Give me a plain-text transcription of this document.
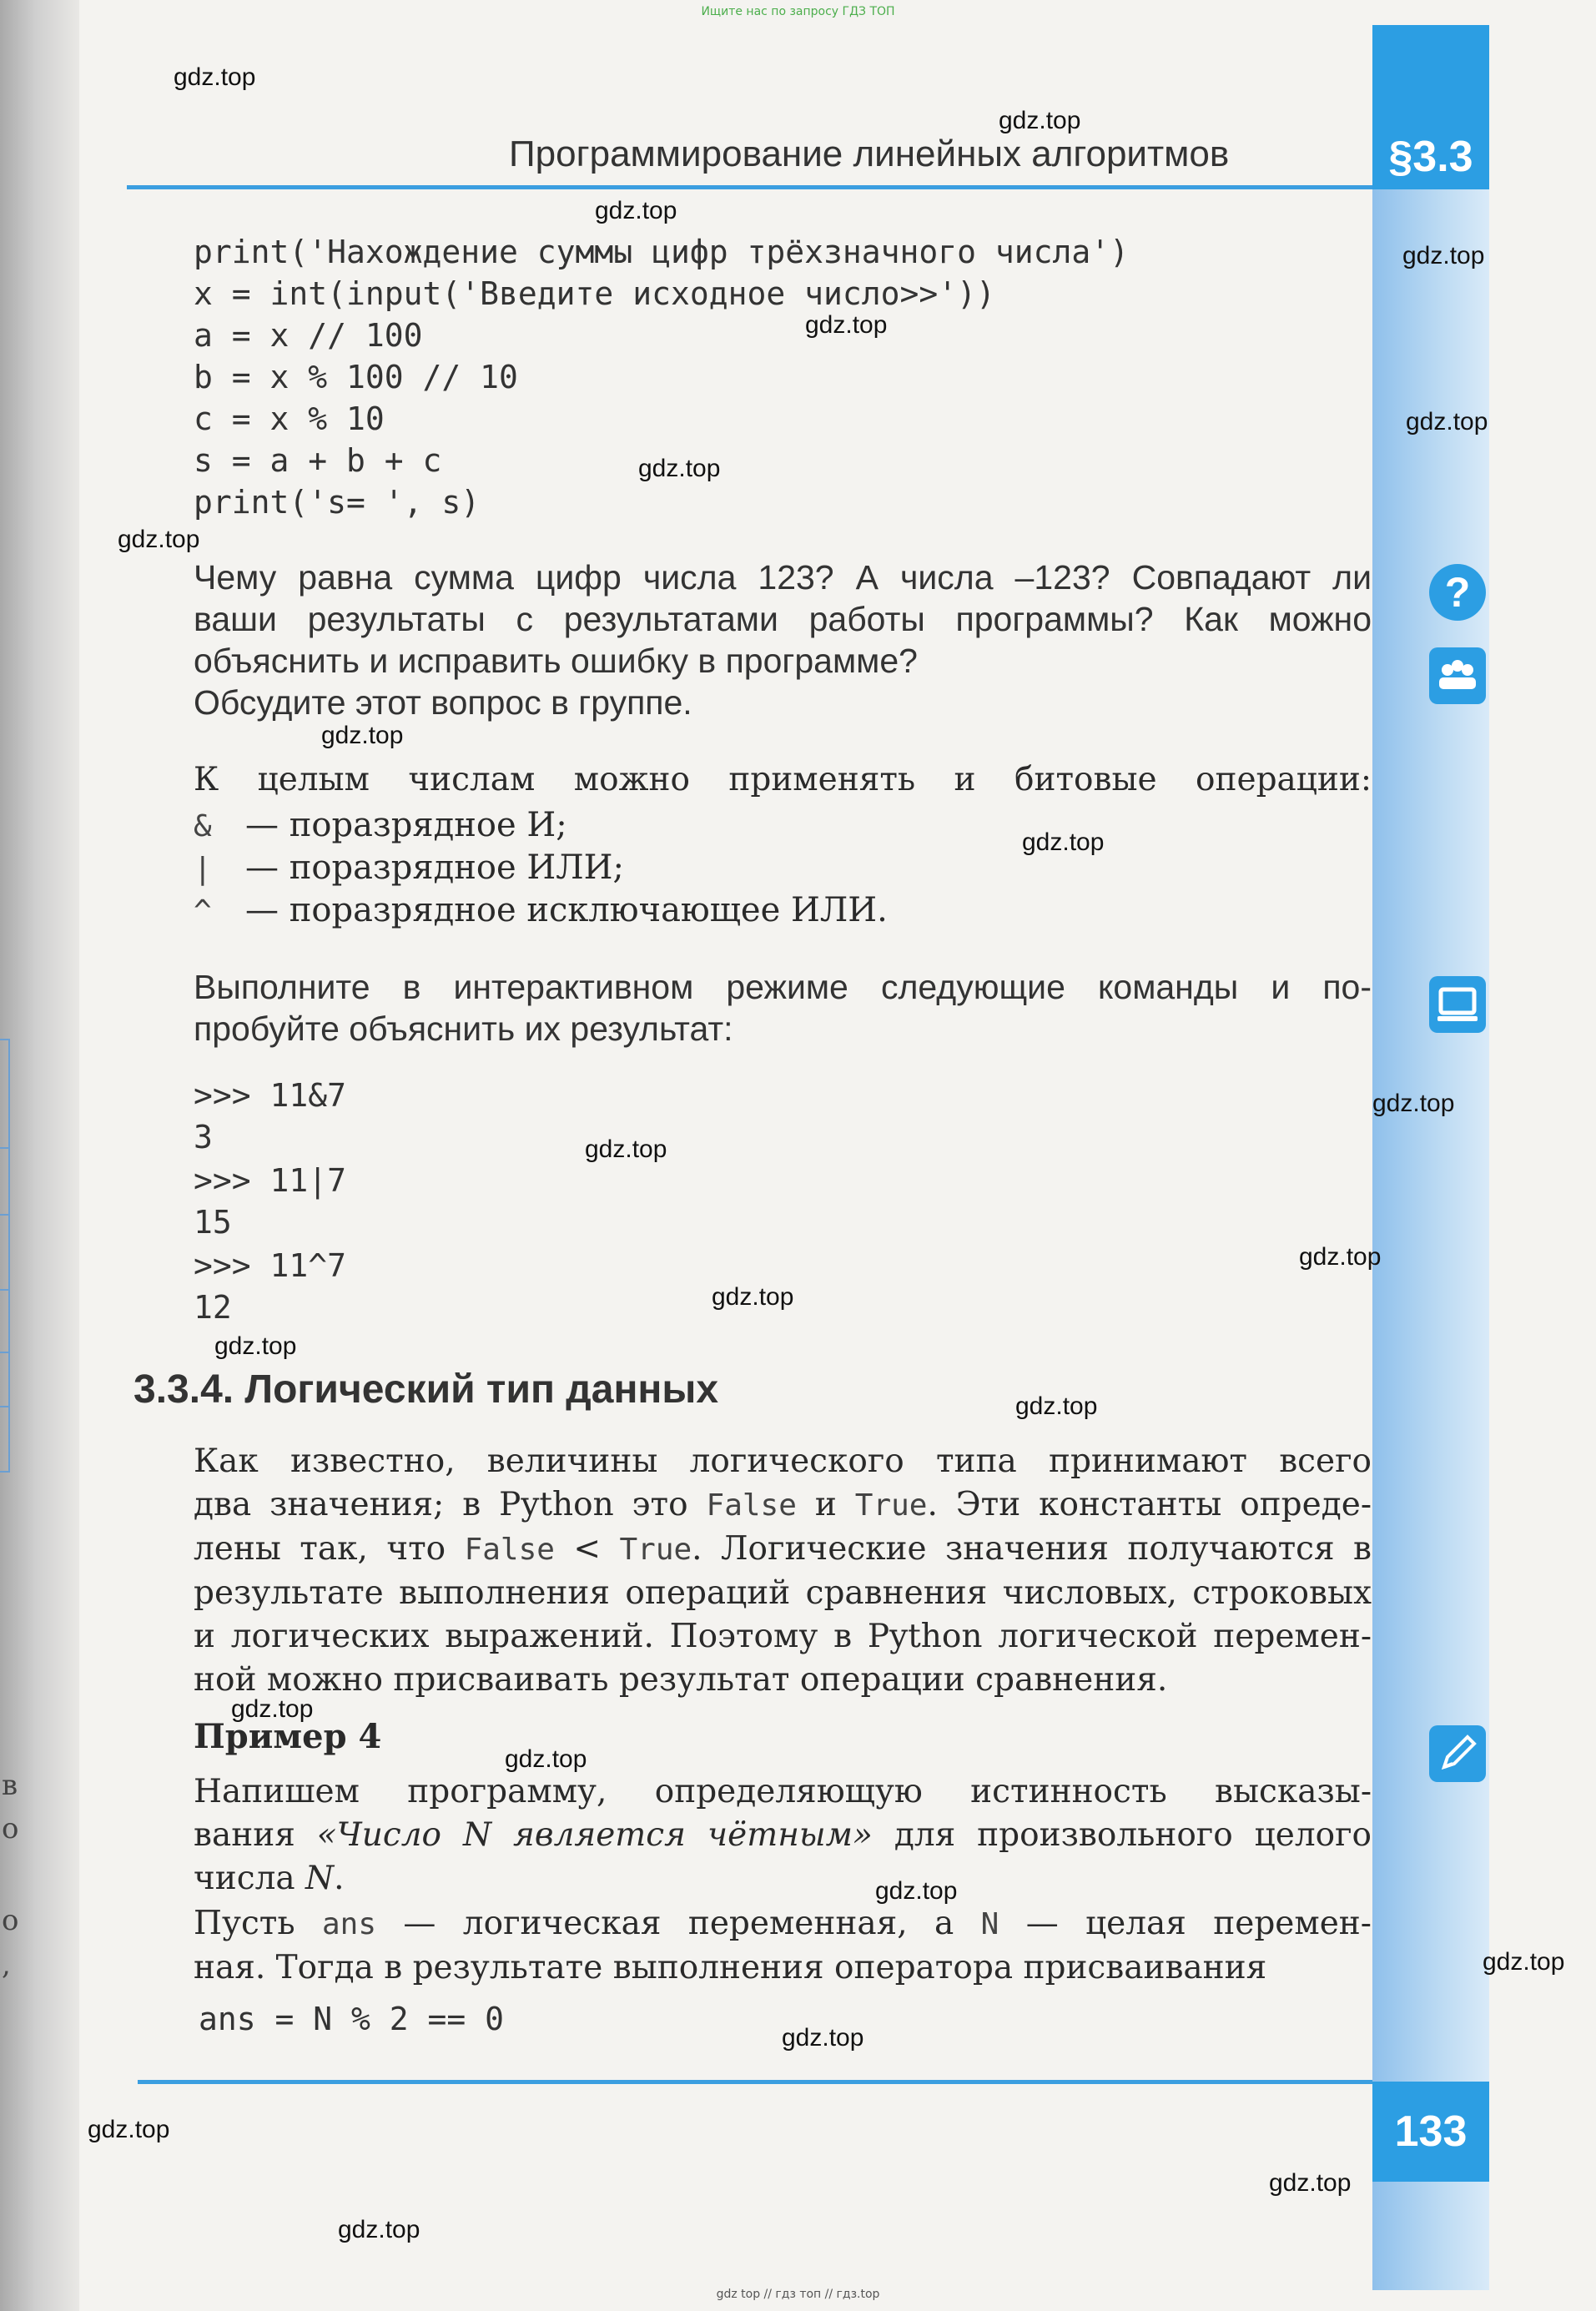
в
о
о
,
Ищите нас по запросу ГДЗ ТОП
§3.3
Программирование линейных алгоритмов
print('Нахождение суммы цифр трёхзначного числа')
x = int(input('Введите исходное число>>'))
a = x // 100
b = x % 100 // 10
c = x % 10
s = a + b + c
print('s= ', s)
Чему равна сумма цифр числа 123? А числа –123? Совпадают ли
ваши результаты с результатами работы программы? Как можно
объяснить и исправить ошибку в программе?
Обсудите этот вопрос в группе.
?
К целым числам можно применять и битовые операции:
& — поразрядное И;
| — поразрядное ИЛИ;
^ — поразрядное исключающее ИЛИ.
Выполните в интерактивном режиме следующие команды и по-
пробуйте объяснить их результат:
>>> 11&7
3
>>> 11|7
15
>>> 11^7
12
3.3.4. Логический тип данных
Как известно, величины логического типа принимают всего
два значения; в Python это False и True. Эти константы опреде-
лены так, что False < True. Логические значения получаются в
результате выполнения операций сравнения числовых, строковых
и логических выражений. Поэтому в Python логической перемен-
ной можно присваивать результат операции сравнения.
Пример 4
Напишем программу, определяющую истинность высказы-
вания «Число N является чётным» для произвольного целого
числа N.
Пусть ans — логическая переменная, а N — целая перемен-
ная. Тогда в результате выполнения оператора присваивания
ans = N % 2 == 0
133
gdz.top
gdz.top
gdz.top
gdz.top
gdz.top
gdz.top
gdz.top
gdz.top
gdz.top
gdz.top
gdz.top
gdz.top
gdz.top
gdz.top
gdz.top
gdz.top
gdz.top
gdz.top
gdz.top
gdz.top
gdz.top
gdz.top
gdz.top
gdz.top
gdz top // гдз топ // гдз.top
